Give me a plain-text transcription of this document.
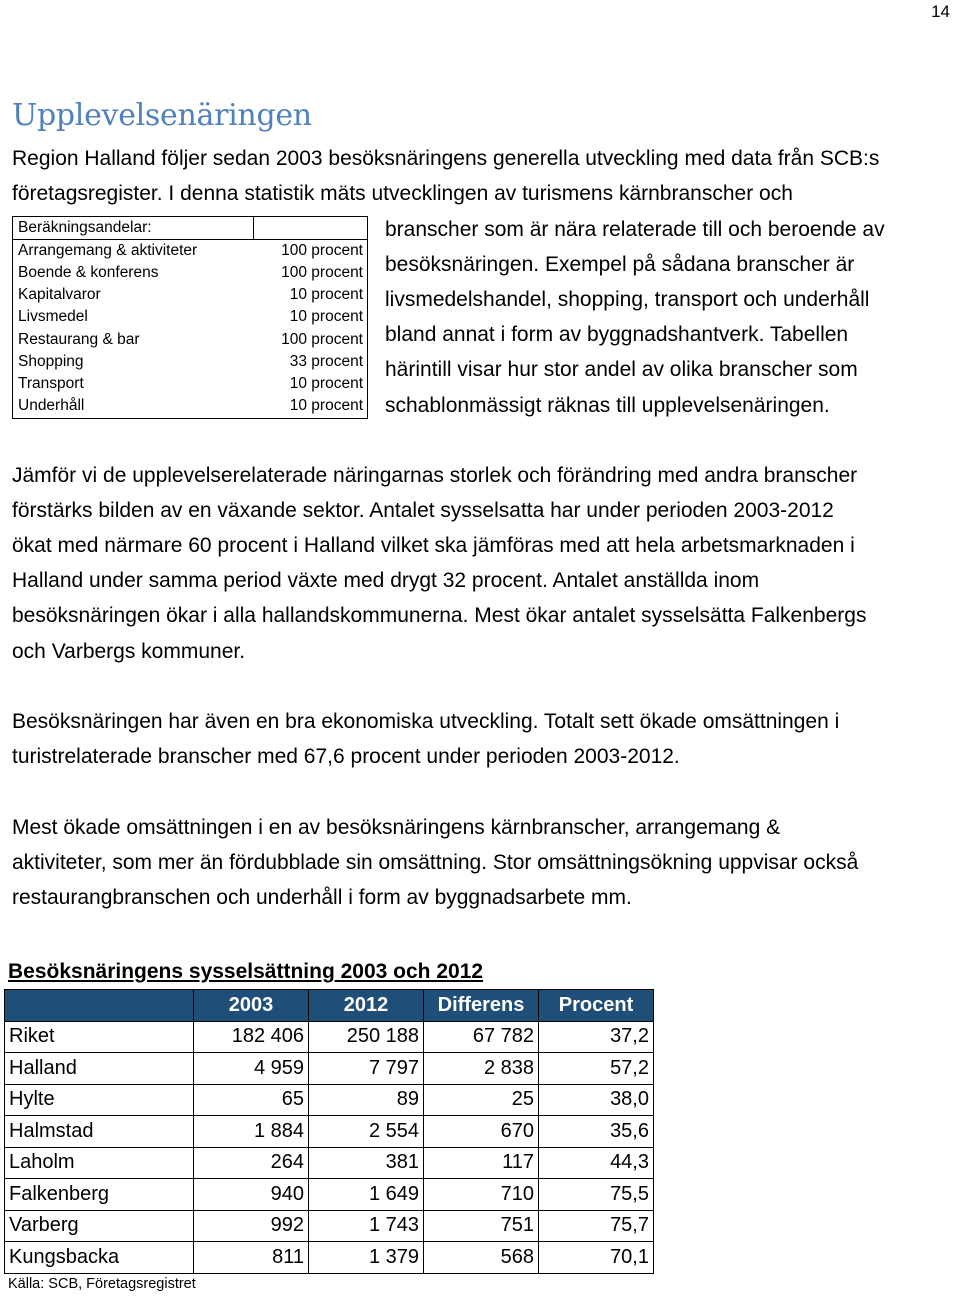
14
Upplevelsenäringen
Region Halland följer sedan 2003 besöksnäringens generella utveckling med data från SCB:s
företagsregister. I denna statistik mäts utvecklingen av turismens kärnbranscher och
branscher som är nära relaterade till och beroende av
besöksnäringen. Exempel på sådana branscher är
livsmedelshandel, shopping, transport och underhåll
bland annat i form av byggnadshantverk. Tabellen
härintill visar hur stor andel av olika branscher som
schablonmässigt räknas till upplevelsenäringen.
Beräkningsandelar:
Arrangemang & aktiviteter	100 procent
Boende & konferens	100 procent
Kapitalvaror	10 procent
Livsmedel	10 procent
Restaurang & bar	100 procent
Shopping	33 procent
Transport	10 procent
Underhåll	10 procent
Jämför vi de upplevelserelaterade näringarnas storlek och förändring med andra branscher
förstärks bilden av en växande sektor. Antalet sysselsatta har under perioden 2003-2012
ökat med närmare 60 procent i Halland vilket ska jämföras med att hela arbetsmarknaden i
Halland under samma period växte med drygt 32 procent. Antalet anställda inom
besöksnäringen ökar i alla hallandskommunerna. Mest ökar antalet sysselsätta Falkenbergs
och Varbergs kommuner.
Besöksnäringen har även en bra ekonomiska utveckling. Totalt sett ökade omsättningen i
turistrelaterade branscher med 67,6 procent under perioden 2003-2012.
Mest ökade omsättningen i en av besöksnäringens kärnbranscher, arrangemang &
aktiviteter, som mer än fördubblade sin omsättning. Stor omsättningsökning uppvisar också
restaurangbranschen och underhåll i form av byggnadsarbete mm.
Besöksnäringens sysselsättning 2003 och 2012
	2003	2012	Differens	Procent
Riket	182 406	250 188	67 782	37,2
Halland	4 959	7 797	2 838	57,2
Hylte	65	89	25	38,0
Halmstad	1 884	2 554	670	35,6
Laholm	264	381	117	44,3
Falkenberg	940	1 649	710	75,5
Varberg	992	1 743	751	75,7
Kungsbacka	811	1 379	568	70,1
Källa: SCB, Företagsregistret
